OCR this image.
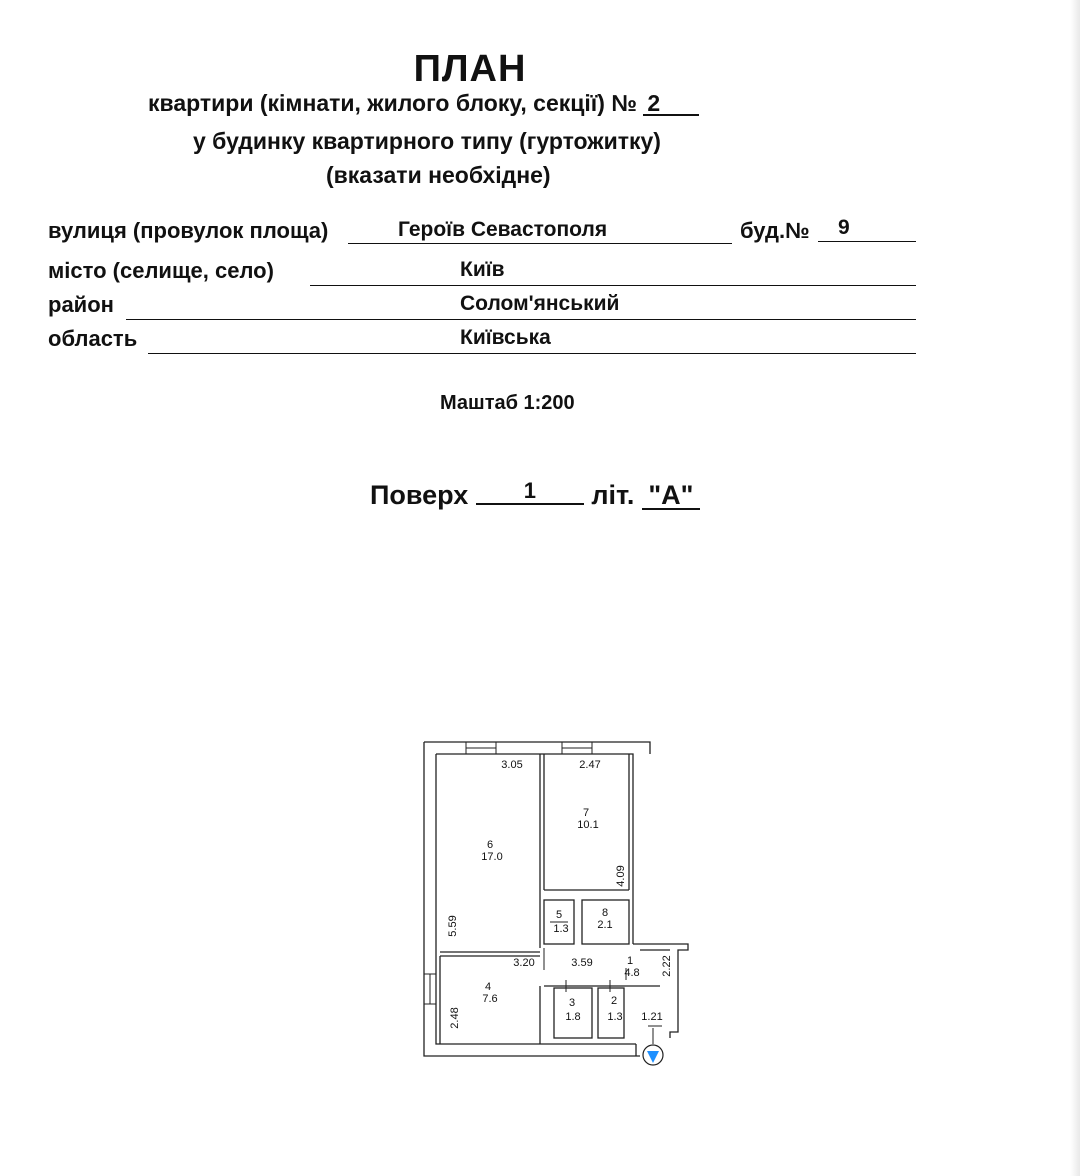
ПЛАН
квартири (кімнати, жилого блоку, секції) № 2
у будинку квартирного типу (гуртожитку)
(вказати необхідне)
вулиця (провулок площа)	Героїв Севастополя	буд.№ 9
місто (селище, село)	Київ
район	Солом'янський
область	Київська
Маштаб 1:200
Поверх	1 літ. "А"
6
17.0
7
10.1
5
1.3
8
2.1
4
7.6
1
4.8
3
1.8
2
1.3
3.05	2.47
4.09
5.59
3.20	3.59	2.22
2.48	1.21
